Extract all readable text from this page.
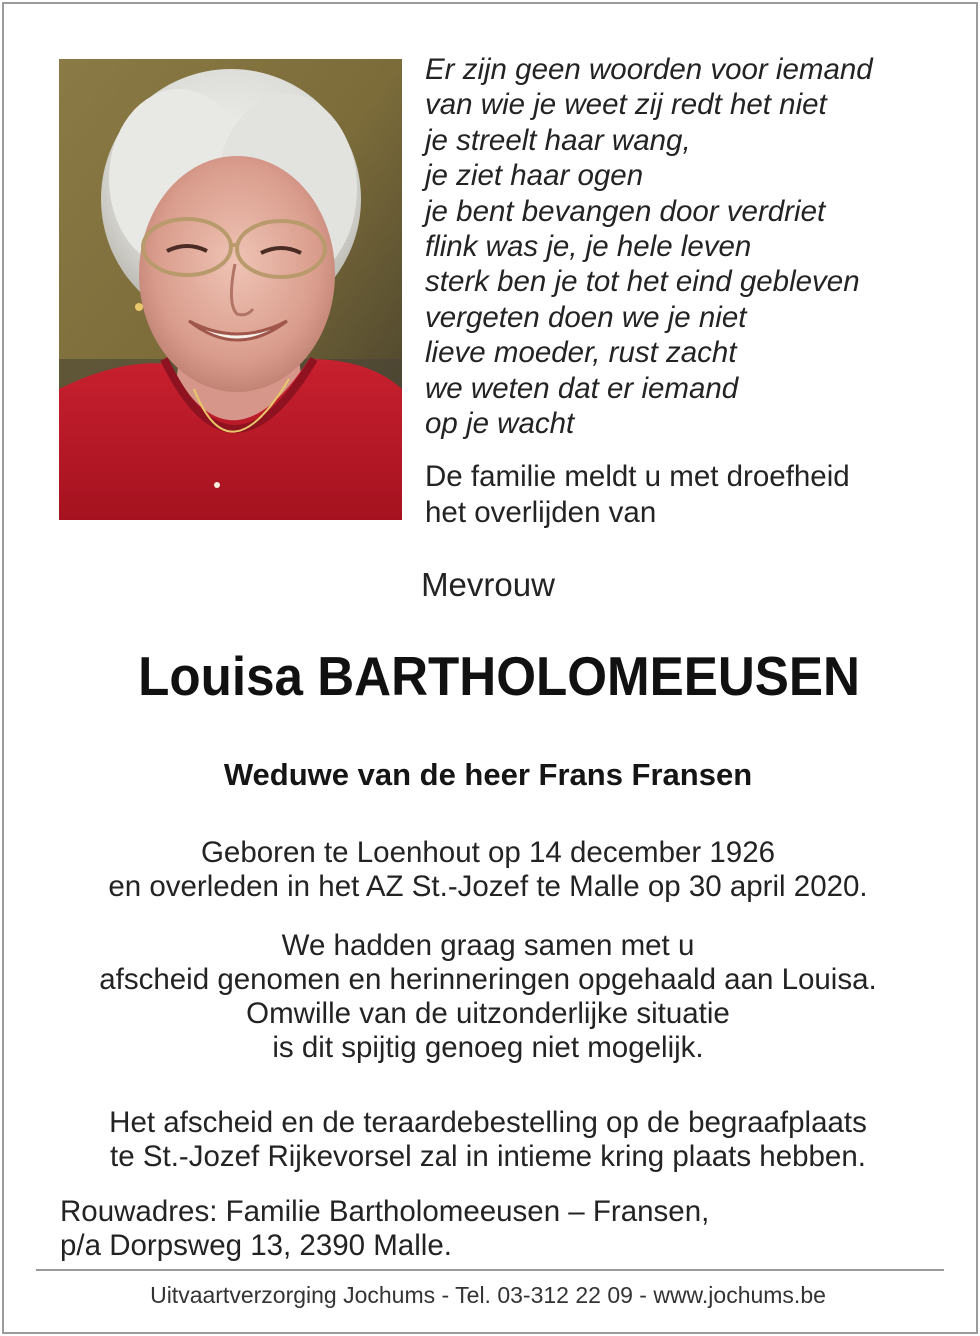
Er zijn geen woorden voor iemand
van wie je weet zij redt het niet
je streelt haar wang,
je ziet haar ogen
je bent bevangen door verdriet
flink was je, je hele leven
sterk ben je tot het eind gebleven
vergeten doen we je niet
lieve moeder, rust zacht
we weten dat er iemand
op je wacht
De familie meldt u met droefheid
het overlijden van
Mevrouw
Louisa BARTHOLOMEEUSEN
Weduwe van de heer Frans Fransen
Geboren te Loenhout op 14 december 1926
en overleden in het AZ St.-Jozef te Malle op 30 april 2020.
We hadden graag samen met u
afscheid genomen en herinneringen opgehaald aan Louisa.
Omwille van de uitzonderlijke situatie
is dit spijtig genoeg niet mogelijk.
Het afscheid en de teraardebestelling op de begraafplaats
te St.-Jozef Rijkevorsel zal in intieme kring plaats hebben.
Rouwadres: Familie Bartholomeeusen – Fransen,
p/a Dorpsweg 13, 2390 Malle.
Uitvaartverzorging Jochums - Tel. 03-312 22 09 - www.jochums.be
